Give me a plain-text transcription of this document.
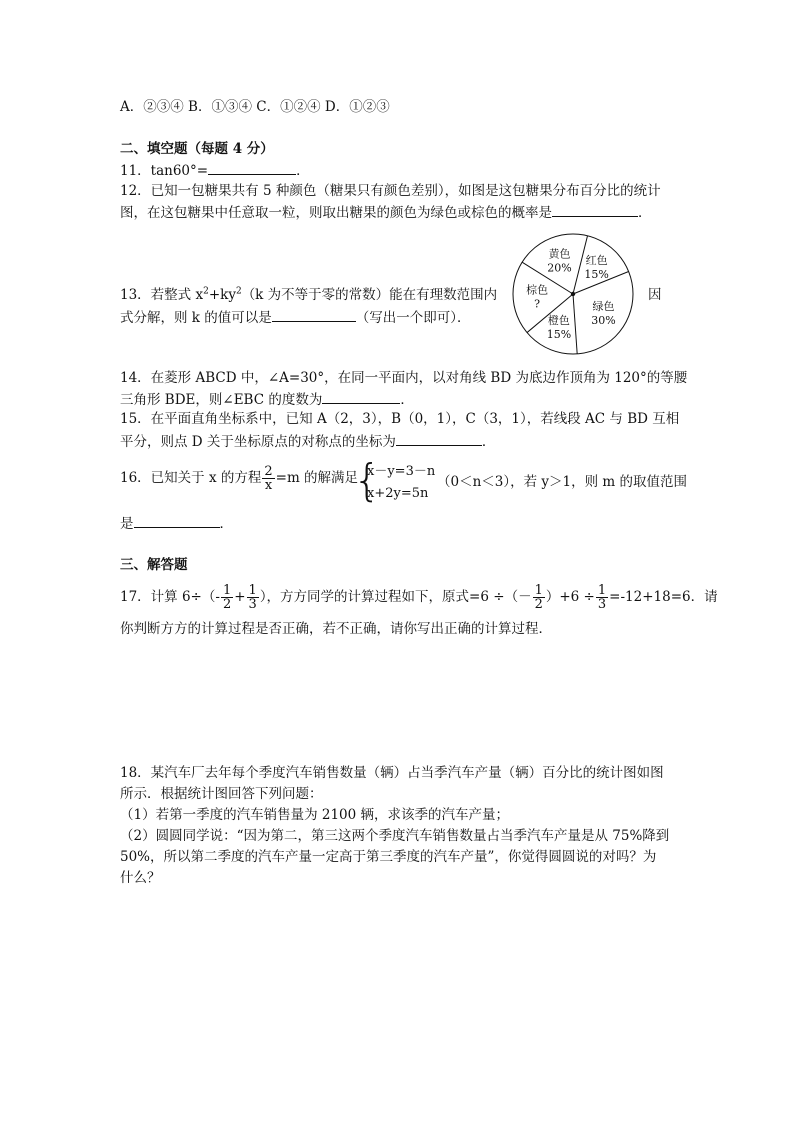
A．②③④ B．①③④ C．①②④ D．①②③
二、填空题（每题 4 分）
11．tan60°=	．
12．已知一包糖果共有 5 种颜色（糖果只有颜色差别），如图是这包糖果分布百分比的统计
图，在这包糖果中任意取一粒，则取出糖果的颜色为绿色或棕色的概率是	．
13．若整式 $x^2+ky^2(k$ 为不等于零的常数）能在有理数范围内
式分解，则 k 的值可以是	（写出一个即可）．
因
红色
15%
绿色
30%
橙色
15%
棕色
?
黄色
20%
14．在菱形 ABCD 中，∠A=30°，在同一平面内，以对角线 BD 为底边作顶角为 120°的等腰
三角形 BDE，则∠EBC 的度数为	．
15．在平面直角坐标系中，已知 A（2，3），B（0，1），C（3，1），若线段 AC 与 BD 互相
平分，则点 D 关于坐标原点的对称点的坐标为	．
16．已知关于 x 的方程 $\frac{2}{x} =m$ 的解满足
{
x－y=3－n
x+2y=5n
（0＜n＜3），若 y＞1，则 m 的取值范围
是	．
三、解答题
17．计算 $6\div(- \frac{1}{2} + \frac{1}{3}$ ），方方同学的计算过程如下，原式=6 ÷（－ $\frac{1}{2} )+6 \div \frac{1}{3} =-12+18=6$．请
你判断方方的计算过程是否正确，若不正确，请你写出正确的计算过程．
18．某汽车厂去年每个季度汽车销售数量（辆）占当季汽车产量（辆）百分比的统计图如图
所示．根据统计图回答下列问题：
（1）若第一季度的汽车销售量为 2100 辆，求该季的汽车产量；
（2）圆圆同学说：“因为第二，第三这两个季度汽车销售数量占当季汽车产量是从 75%降到
50%，所以第二季度的汽车产量一定高于第三季度的汽车产量”，你觉得圆圆说的对吗？为
什么？
